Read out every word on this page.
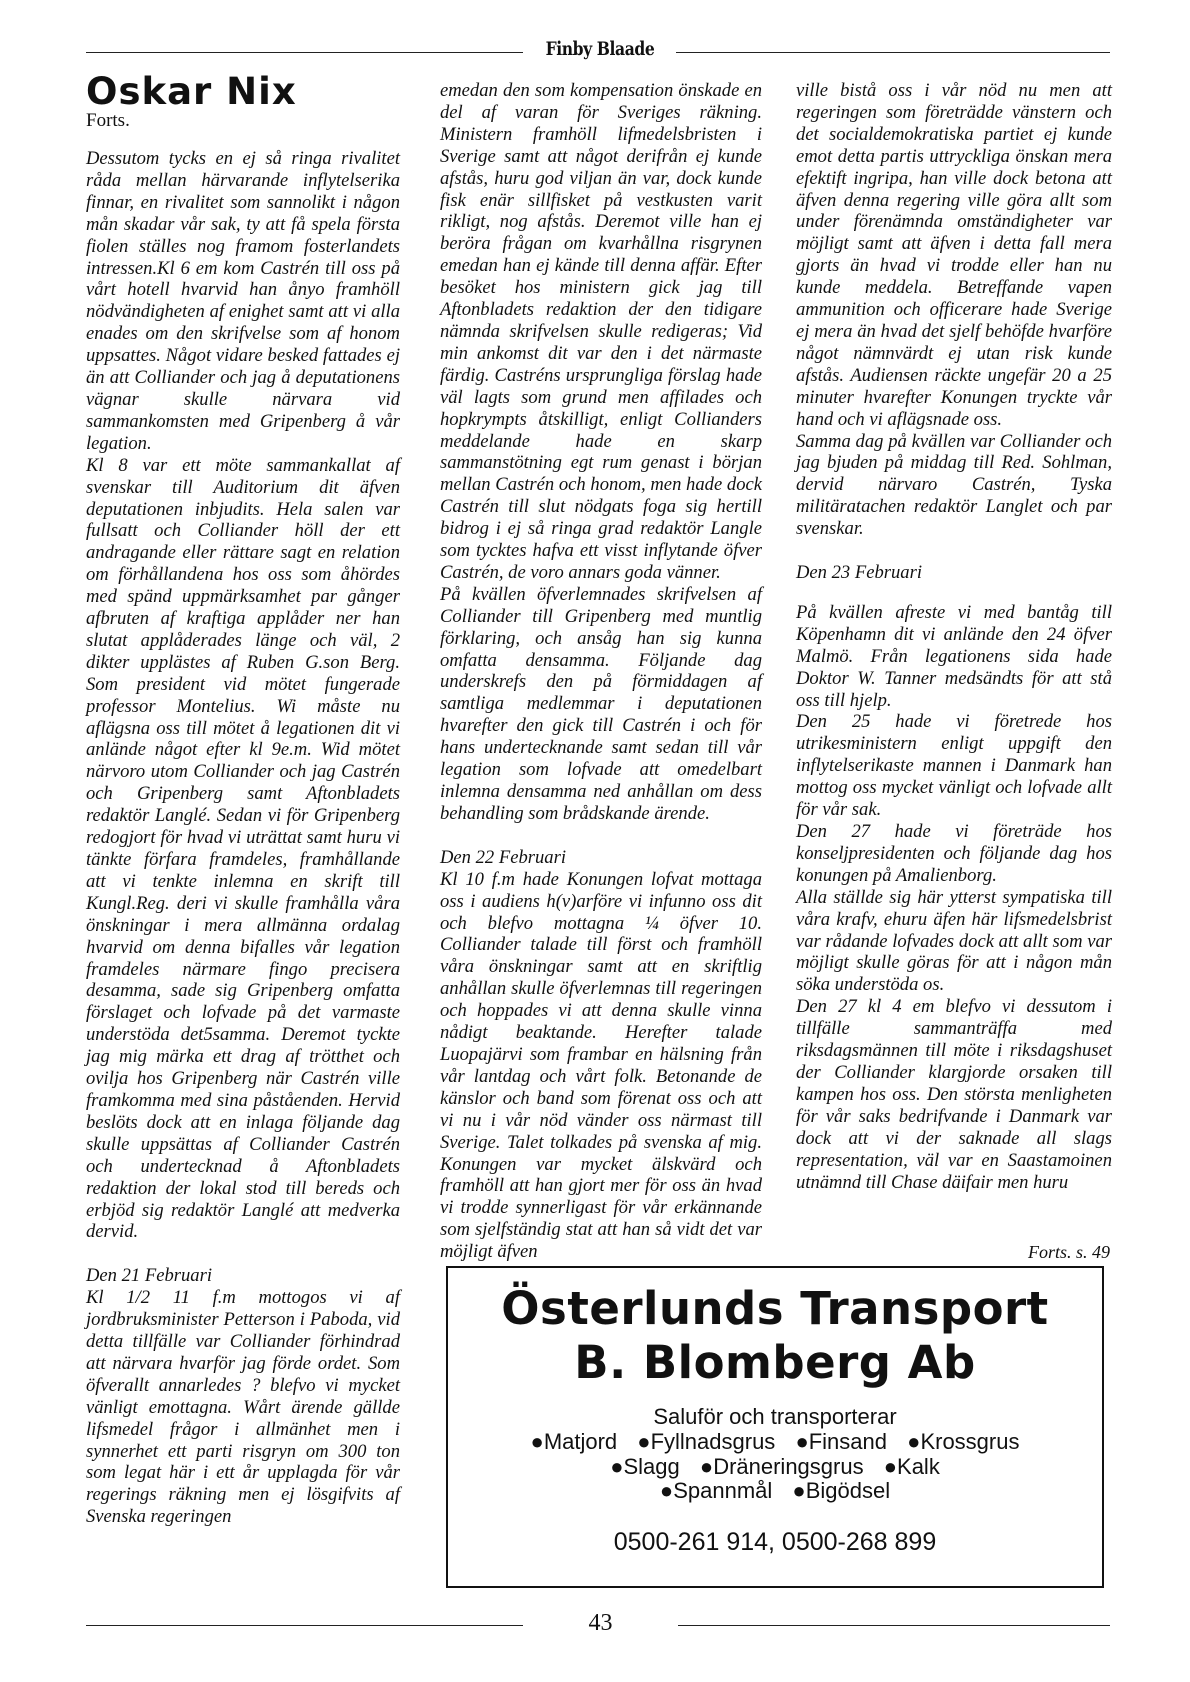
Finby Blaade
Oskar Nix
Forts.

Dessutom tycks en ej så ringa rivalitet råda mellan härvarande inflytelserika finnar, en rivalitet som sannolikt i någon mån skadar vår sak, ty att få spela första fiolen ställes nog framom fosterlandets intressen.Kl 6 em kom Castrén till oss på vårt hotell hvarvid han ånyo framhöll nödvändigheten af enighet samt att vi alla enades om den skrifvelse som af honom uppsattes. Något vidare besked fattades ej än att Colliander och jag å deputationens vägnar skulle närvara vid sammankomsten med Gripenberg å vår legation.

Kl 8 var ett möte sammankallat af svenskar till Auditorium dit äfven deputationen inbjudits. Hela salen var fullsatt och Colliander höll der ett andragande eller rättare sagt en relation om förhållandena hos oss som åhördes med spänd uppmärksamhet par gånger afbruten af kraftiga applåder ner han slutat applåderades länge och väl, 2 dikter upplästes af Ruben G.son Berg. Som president vid mötet fungerade professor Montelius. Wi måste nu aflägsna oss till mötet å legationen dit vi anlände något efter kl 9e.m. Wid mötet närvoro utom Colliander och jag Castrén och Gripenberg samt Aftonbladets redaktör Langlé. Sedan vi för Gripenberg redogjort för hvad vi uträttat samt huru vi tänkte förfara framdeles, framhållande att vi tenkte inlemna en skrift till Kungl.Reg. deri vi skulle framhålla våra önskningar i mera allmänna ordalag hvarvid om denna bifalles vår legation framdeles närmare fingo precisera desamma, sade sig Gripenberg omfatta förslaget och lofvade på det varmaste understöda det5samma. Deremot tyckte jag mig märka ett drag af trötthet och ovilja hos Gripenberg när Castrén ville framkomma med sina påståenden. Hervid beslöts dock att en inlaga följande dag skulle uppsättas af Colliander Castrén och undertecknad å Aftonbladets redaktion der lokal stod till bereds och erbjöd sig redaktör Langlé att medverka dervid.

Den 21 Februari

Kl 1/2 11 f.m mottogos vi af jordbruksminister Petterson i Paboda, vid detta tillfälle var Colliander förhindrad att närvara hvarför jag förde ordet. Som öfverallt annarledes ? blefvo vi mycket vänligt emottagna. Wårt ärende gällde lifsmedel frågor i allmänhet men i synnerhet ett parti risgryn om 300 ton som legat här i ett år upplagda för vår regerings räkning men ej lösgifvits af Svenska regeringen

emedan den som kompensation önskade en del af varan för Sveriges räkning. Ministern framhöll lifmedelsbristen i Sverige samt att något derifrån ej kunde afstås, huru god viljan än var, dock kunde fisk enär sillfisket på vestkusten varit rikligt, nog afstås. Deremot ville han ej beröra frågan om kvarhållna risgrynen emedan han ej kände till denna affär. Efter besöket hos ministern gick jag till Aftonbladets redaktion der den tidigare nämnda skrifvelsen skulle redigeras; Vid min ankomst dit var den i det närmaste färdig. Castréns ursprungliga förslag hade väl lagts som grund men affilades och hopkrympts åtskilligt, enligt Collianders meddelande hade en skarp sammanstötning egt rum genast i början mellan Castrén och honom, men hade dock Castrén till slut nödgats foga sig hertill bidrog i ej så ringa grad redaktör Langle som tycktes hafva ett visst inflytande öfver Castrén, de voro annars goda vänner.

På kvällen öfverlemnades skrifvelsen af Colliander till Gripenberg med muntlig förklaring, och ansåg han sig kunna omfatta densamma. Följande dag underskrefs den på förmiddagen af samtliga medlemmar i deputationen hvarefter den gick till Castrén i och för hans undertecknande samt sedan till vår legation som lofvade att omedelbart inlemna densamma ned anhållan om dess behandling som brådskande ärende.

Den 22 Februari

Kl 10 f.m hade Konungen lofvat mottaga oss i audiens h(v)arföre vi infunno oss dit och blefvo mottagna ¼ öfver 10. Colliander talade till först och framhöll våra önskningar samt att en skriftlig anhållan skulle öfverlemnas till regeringen och hoppades vi att denna skulle vinna nådigt beaktande. Herefter talade Luopajärvi som frambar en hälsning från vår lantdag och vårt folk. Betonande de känslor och band som förenat oss och att vi nu i vår nöd vänder oss närmast till Sverige. Talet tolkades på svenska af mig. Konungen var mycket älskvärd och framhöll att han gjort mer för oss än hvad vi trodde synnerligast för vår erkännande som sjelfständig stat att han så vidt det var möjligt äfven

ville bistå oss i vår nöd nu men att regeringen som företrädde vänstern och det socialdemokratiska partiet ej kunde emot detta partis uttryckliga önskan mera efektift ingripa, han ville dock betona att äfven denna regering ville göra allt som under förenämnda omständigheter var möjligt samt att äfven i detta fall mera gjorts än hvad vi trodde eller han nu kunde meddela. Betreffande vapen ammunition och officerare hade Sverige ej mera än hvad det sjelf behöfde hvarföre något nämnvärdt ej utan risk kunde afstås. Audiensen räckte ungefär 20 a 25 minuter hvarefter Konungen tryckte vår hand och vi aflägsnade oss.

Samma dag på kvällen var Colliander och jag bjuden på middag till Red. Sohlman, dervid närvaro Castrén, Tyska militäratachen redaktör Langlet och par svenskar.

Den 23 Februari

På kvällen afreste vi med bantåg till Köpenhamn dit vi anlände den 24 öfver Malmö. Från legationens sida hade Doktor W. Tanner medsändts för att stå oss till hjelp.

Den 25 hade vi företrede hos utrikesministern enligt uppgift den inflytelserikaste mannen i Danmark han mottog oss mycket vänligt och lofvade allt för vår sak.

Den 27 hade vi företräde hos konseljpresidenten och följande dag hos konungen på Amalienborg.

Alla ställde sig här ytterst sympatiska till våra krafv, ehuru äfen här lifsmedelsbrist var rådande lofvades dock att allt som var möjligt skulle göras för att i någon mån söka understöda os.

Den 27 kl 4 em blefvo vi dessutom i tillfälle sammanträffa med riksdagsmännen till möte i riksdagshuset der Colliander klargjorde orsaken till kampen hos oss. Den största menligheten för vår saks bedrifvande i Danmark var dock att vi der saknade all slags representation, väl var en Saastamoinen utnämnd till Chase däifair men huru

Forts. s. 49
Österlunds Transport
B. Blomberg Ab
Saluför och transporterar
●Matjord ●Fyllnadsgrus ●Finsand ●Krossgrus
●Slagg ●Dräneringsgrus ●Kalk
●Spannmål ●Bigödsel
0500-261 914, 0500-268 899
43
